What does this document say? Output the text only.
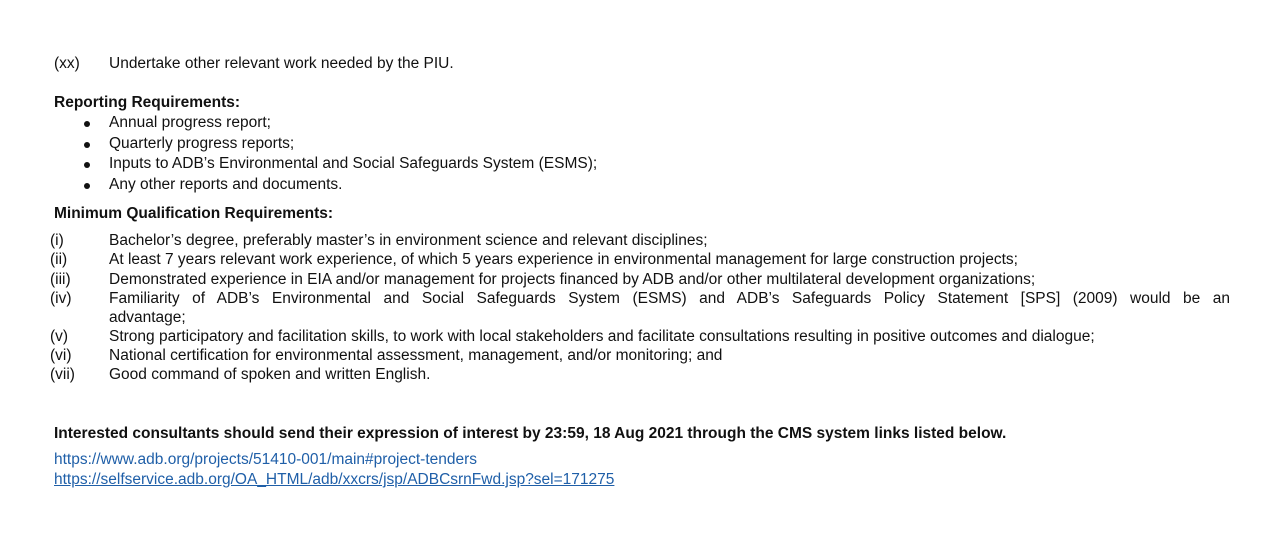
(xx) Undertake other relevant work needed by the PIU.
Reporting Requirements:
Annual progress report;
Quarterly progress reports;
Inputs to ADB’s Environmental and Social Safeguards System (ESMS);
Any other reports and documents.
Minimum Qualification Requirements:
(i)	Bachelor’s degree, preferably master’s in environment science and relevant disciplines;
(ii)	At least 7 years relevant work experience, of which 5 years experience in environmental management for large construction projects;
(iii)	Demonstrated experience in EIA and/or management for projects financed by ADB and/or other multilateral development organizations;
(iv)	Familiarity of ADB’s Environmental and Social Safeguards System (ESMS) and ADB’s Safeguards Policy Statement [SPS] (2009) would be an
advantage;
(v)	Strong participatory and facilitation skills, to work with local stakeholders and facilitate consultations resulting in positive outcomes and dialogue;
(vi)	National certification for environmental assessment, management, and/or monitoring; and
(vii)	Good command of spoken and written English.
Interested consultants should send their expression of interest by 23:59, 18 Aug 2021 through the CMS system links listed below.
https://www.adb.org/projects/51410-001/main#project-tenders
https://selfservice.adb.org/OA_HTML/adb/xxcrs/jsp/ADBCsrnFwd.jsp?sel=171275
